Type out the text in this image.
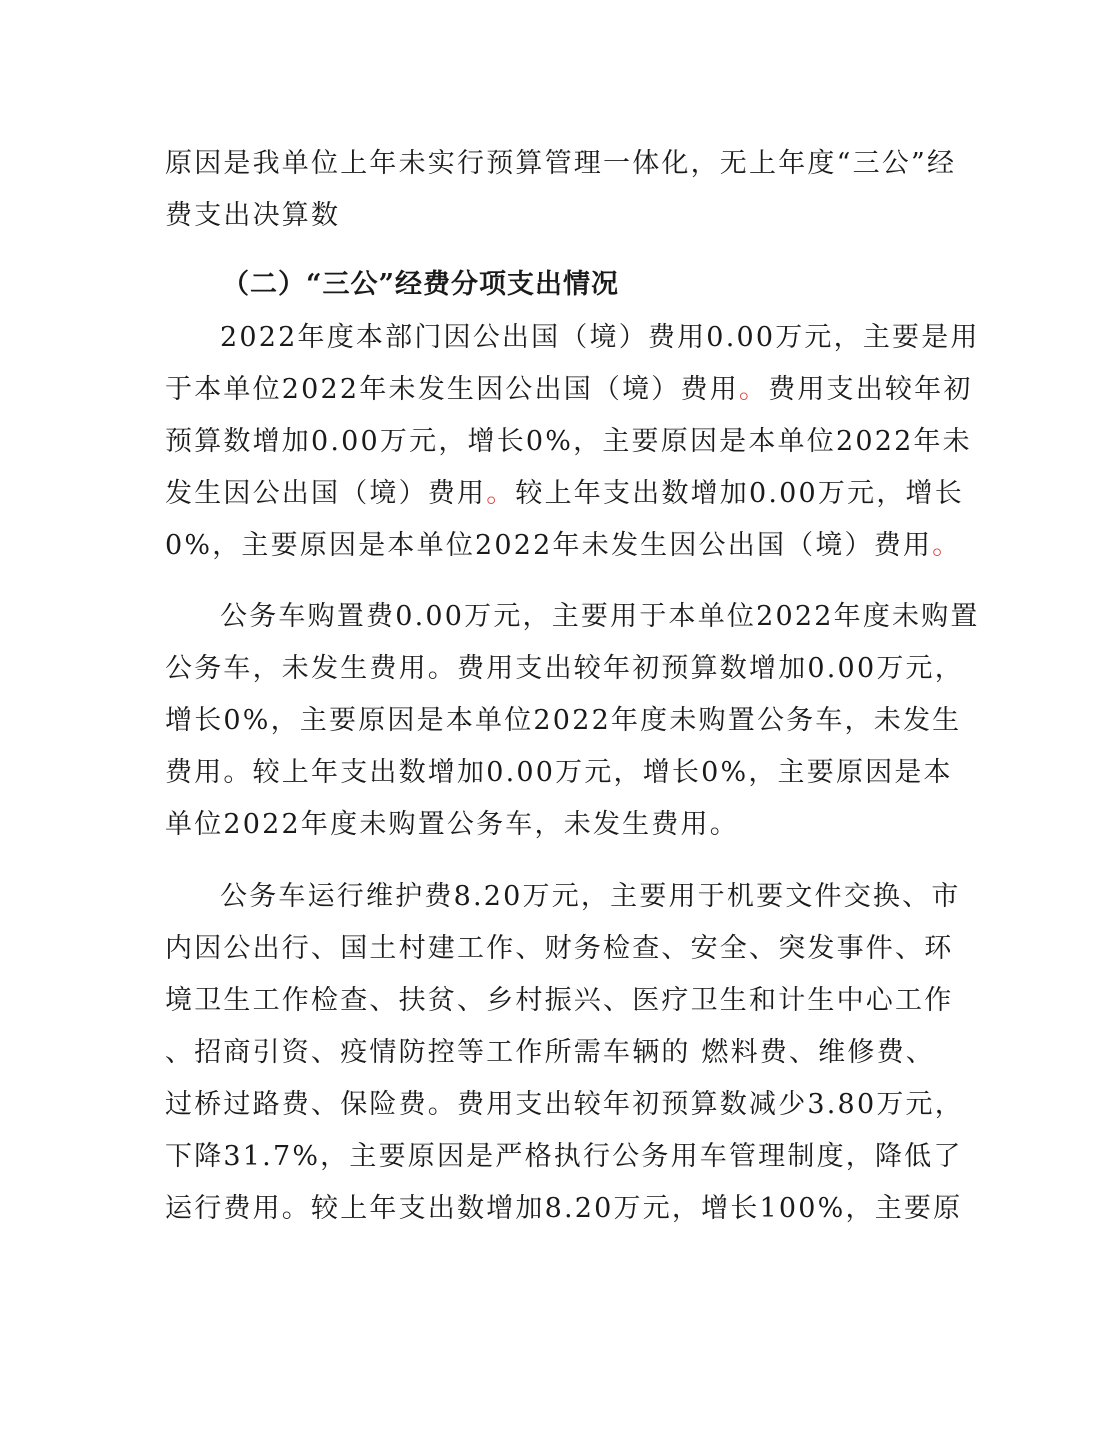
原因是我单位上年未实行预算管理一体化，无上年度“三公”经
费支出决算数
（二）“三公”经费分项支出情况
2022年度本部门因公出国（境）费用0.00万元，主要是用
于本单位2022年未发生因公出国（境）费用。费用支出较年初
预算数增加0.00万元，增长0%，主要原因是本单位2022年未
发生因公出国（境）费用。较上年支出数增加0.00万元，增长
0%，主要原因是本单位2022年未发生因公出国（境）费用。
公务车购置费0.00万元，主要用于本单位2022年度未购置
公务车，未发生费用。费用支出较年初预算数增加0.00万元，
增长0%，主要原因是本单位2022年度未购置公务车，未发生
费用。较上年支出数增加0.00万元，增长0%，主要原因是本
单位2022年度未购置公务车，未发生费用。
公务车运行维护费8.20万元，主要用于机要文件交换、市
内因公出行、国土村建工作、财务检查、安全、突发事件、环
境卫生工作检查、扶贫、乡村振兴、医疗卫生和计生中心工作
、招商引资、疫情防控等工作所需车辆的 燃料费、维修费、
过桥过路费、保险费。费用支出较年初预算数减少3.80万元，
下降31.7%，主要原因是严格执行公务用车管理制度，降低了
运行费用。较上年支出数增加8.20万元，增长100%，主要原
